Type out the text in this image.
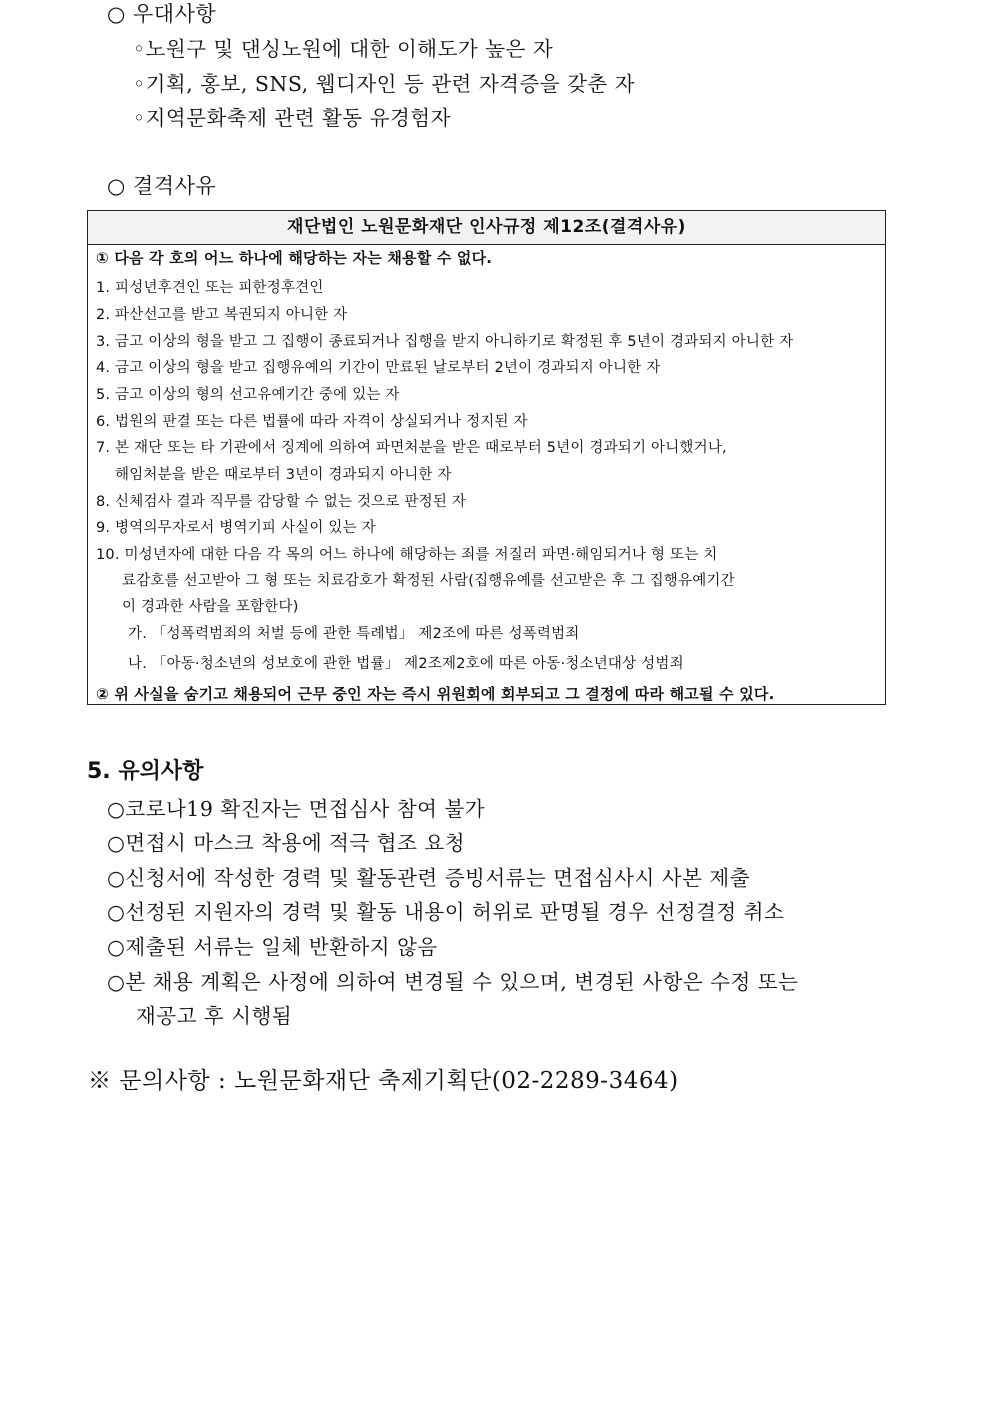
○ 우대사항
◦노원구 및 댄싱노원에 대한 이해도가 높은 자
◦기획, 홍보, SNS, 웹디자인 등 관련 자격증을 갖춘 자
◦지역문화축제 관련 활동 유경험자
○ 결격사유
재단법인 노원문화재단 인사규정 제12조(결격사유)
① 다음 각 호의 어느 하나에 해당하는 자는 채용할 수 없다.
1. 피성년후견인 또는 피한정후견인
2. 파산선고를 받고 복권되지 아니한 자
3. 금고 이상의 형을 받고 그 집행이 종료되거나 집행을 받지 아니하기로 확정된 후 5년이 경과되지 아니한 자
4. 금고 이상의 형을 받고 집행유예의 기간이 만료된 날로부터 2년이 경과되지 아니한 자
5. 금고 이상의 형의 선고유예기간 중에 있는 자
6. 법원의 판결 또는 다른 법률에 따라 자격이 상실되거나 정지된 자
7. 본 재단 또는 타 기관에서 징계에 의하여 파면처분을 받은 때로부터 5년이 경과되기 아니했거나,
해임처분을 받은 때로부터 3년이 경과되지 아니한 자
8. 신체검사 결과 직무를 감당할 수 없는 것으로 판정된 자
9. 병역의무자로서 병역기피 사실이 있는 자
10. 미성년자에 대한 다음 각 목의 어느 하나에 해당하는 죄를 저질러 파면·해임되거나 형 또는 치
료감호를 선고받아 그 형 또는 치료감호가 확정된 사람(집행유예를 선고받은 후 그 집행유예기간
이 경과한 사람을 포함한다)
가. 「성폭력범죄의 처벌 등에 관한 특례법」 제2조에 따른 성폭력범죄
나. 「아동·청소년의 성보호에 관한 법률」 제2조제2호에 따른 아동·청소년대상 성범죄
② 위 사실을 숨기고 채용되어 근무 중인 자는 즉시 위원회에 회부되고 그 결정에 따라 해고될 수 있다.
5. 유의사항
○코로나19 확진자는 면접심사 참여 불가
○면접시 마스크 착용에 적극 협조 요청
○신청서에 작성한 경력 및 활동관련 증빙서류는 면접심사시 사본 제출
○선정된 지원자의 경력 및 활동 내용이 허위로 판명될 경우 선정결정 취소
○제출된 서류는 일체 반환하지 않음
○본 채용 계획은 사정에 의하여 변경될 수 있으며, 변경된 사항은 수정 또는
재공고 후 시행됨
※ 문의사항 : 노원문화재단 축제기획단(02-2289-3464)
